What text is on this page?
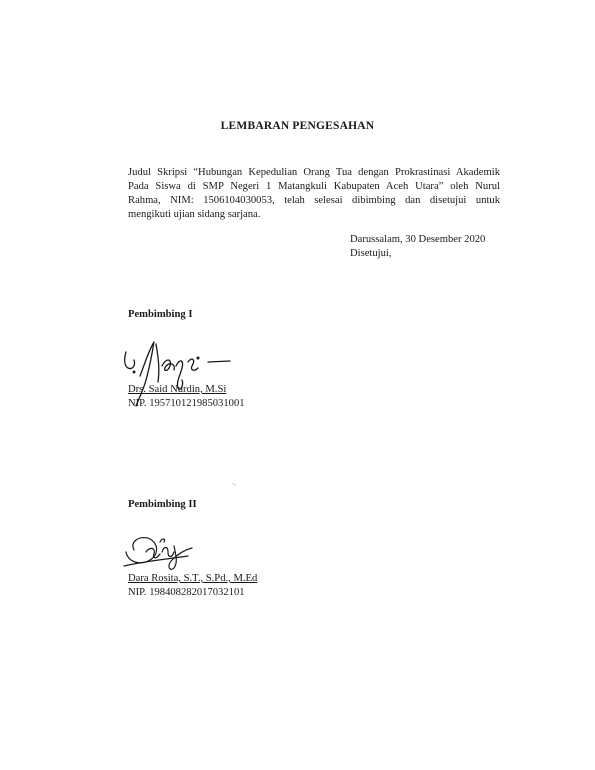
LEMBARAN PENGESAHAN
Judul Skripsi “Hubungan Kepedulian Orang Tua dengan Prokrastinasi Akademik
Pada Siswa di SMP Negeri 1 Matangkuli Kabupaten Aceh Utara” oleh Nurul
Rahma, NIM: 1506104030053, telah selesai dibimbing dan disetujui untuk
mengikuti ujian sidang sarjana.
Darussalam, 30 Desember 2020
Disetujui,
Pembimbing I
Drs. Said Nurdin, M.Si
NIP. 195710121985031001
Pembimbing II
Dara Rosita, S.T., S.Pd., M.Ed
NIP. 198408282017032101
